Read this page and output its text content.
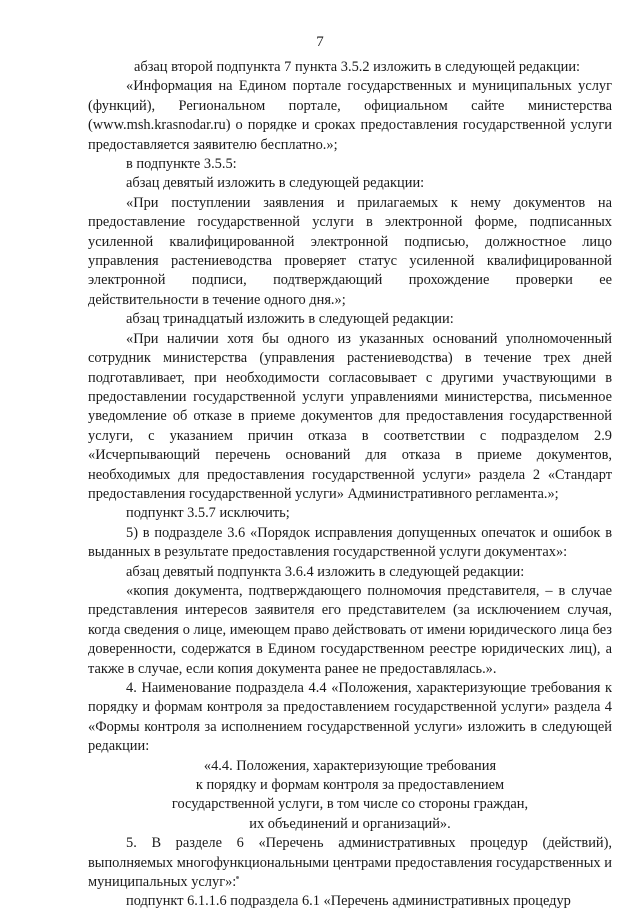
7

абзац второй подпункта 7 пункта 3.5.2 изложить в следующей редакции:

«Информация на Едином портале государственных и муниципальных услуг (функций), Региональном портале, официальном сайте министерства (www.msh.krasnodar.ru) о порядке и сроках предоставления государственной услуги предоставляется заявителю бесплатно.»;

в подпункте 3.5.5:

абзац девятый изложить в следующей редакции:

«При поступлении заявления и прилагаемых к нему документов на предоставление государственной услуги в электронной форме, подписанных усиленной квалифицированной электронной подписью, должностное лицо управления растениеводства проверяет статус усиленной квалифицированной электронной подписи, подтверждающий прохождение проверки ее действительности в течение одного дня.»;

абзац тринадцатый изложить в следующей редакции:

«При наличии хотя бы одного из указанных оснований уполномоченный сотрудник министерства (управления растениеводства) в течение трех дней подготавливает, при необходимости согласовывает с другими участвующими в предоставлении государственной услуги управлениями министерства, письменное уведомление об отказе в приеме документов для предоставления государственной услуги, с указанием причин отказа в соответствии с подразделом 2.9 «Исчерпывающий перечень оснований для отказа в приеме документов, необходимых для предоставления государственной услуги» раздела 2 «Стандарт предоставления государственной услуги» Административного регламента.»;

подпункт 3.5.7 исключить;

5) в подразделе 3.6 «Порядок исправления допущенных опечаток и ошибок в выданных в результате предоставления государственной услуги документах»:

абзац девятый подпункта 3.6.4 изложить в следующей редакции:

«копия документа, подтверждающего полномочия представителя, – в случае представления интересов заявителя его представителем (за исключением случая, когда сведения о лице, имеющем право действовать от имени юридического лица без доверенности, содержатся в Едином государственном реестре юридических лиц), а также в случае, если копия документа ранее не предоставлялась.».

4. Наименование подраздела 4.4 «Положения, характеризующие требования к порядку и формам контроля за предоставлением государственной услуги» раздела 4 «Формы контроля за исполнением государственной услуги» изложить в следующей редакции:

«4.4. Положения, характеризующие требования
к порядку и формам контроля за предоставлением
государственной услуги, в том числе со стороны граждан,
их объединений и организаций».

5. В разделе 6 «Перечень административных процедур (действий), выполняемых многофункциональными центрами предоставления государственных и муниципальных услуг»:

подпункт 6.1.1.6 подраздела 6.1 «Перечень административных процедур
